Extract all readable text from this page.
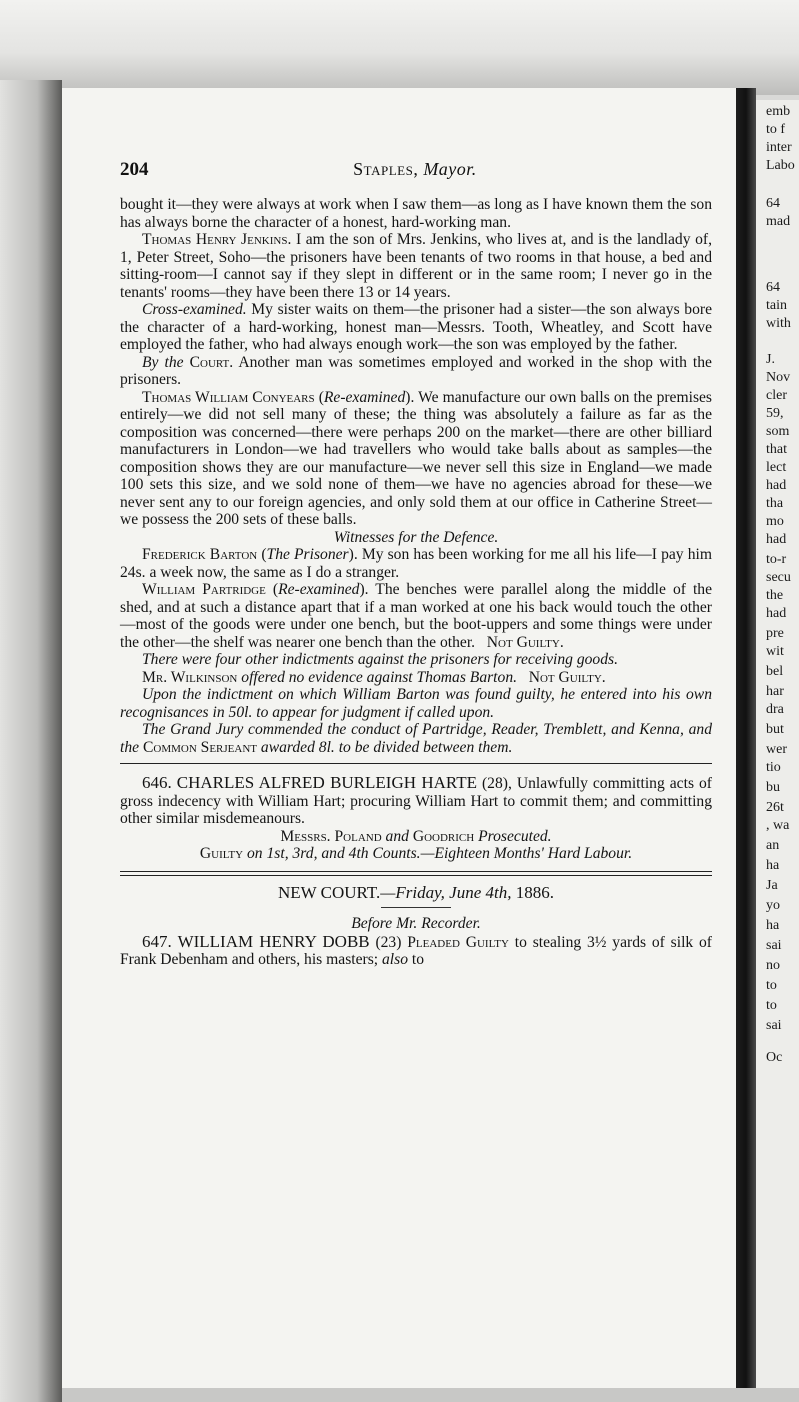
emb
to f
inter
Labo
64
mad
64
tain
with
J.
Nov
cler
59,
som
that
lect
had
tha
mo
had
to-r
secu
the
had
pre
wit
bel
har
dra
but
wer
tio
bu
26t
, wa
an
ha
Ja
yo
ha
sai
no
to
to
sai
Oc
204	Staples, Mayor.

bought it—they were always at work when I saw them—as long as I have known them the son has always borne the character of a honest, hard-working man.

Thomas Henry Jenkins. I am the son of Mrs. Jenkins, who lives at, and is the landlady of, 1, Peter Street, Soho—the prisoners have been tenants of two rooms in that house, a bed and sitting-room—I cannot say if they slept in different or in the same room; I never go in the tenants' rooms—they have been there 13 or 14 years.

Cross-examined. My sister waits on them—the prisoner had a sister—the son always bore the character of a hard-working, honest man—Messrs. Tooth, Wheatley, and Scott have employed the father, who had always enough work—the son was employed by the father.

By the Court. Another man was sometimes employed and worked in the shop with the prisoners.

Thomas William Conyears (Re-examined). We manufacture our own balls on the premises entirely—we did not sell many of these; the thing was absolutely a failure as far as the composition was concerned—there were perhaps 200 on the market—there are other billiard manufacturers in London—we had travellers who would take balls about as samples—the composition shows they are our manufacture—we never sell this size in England—we made 100 sets this size, and we sold none of them—we have no agencies abroad for these—we never sent any to our foreign agencies, and only sold them at our office in Catherine Street—we possess the 200 sets of these balls.

Witnesses for the Defence.

Frederick Barton (The Prisoner). My son has been working for me all his life—I pay him 24s. a week now, the same as I do a stranger.

William Partridge (Re-examined). The benches were parallel along the middle of the shed, and at such a distance apart that if a man worked at one his back would touch the other—most of the goods were under one bench, but the boot-uppers and some things were under the other—the shelf was nearer one bench than the other. Not Guilty.

There were four other indictments against the prisoners for receiving goods.

Mr. Wilkinson offered no evidence against Thomas Barton. Not Guilty.

Upon the indictment on which William Barton was found guilty, he entered into his own recognisances in 50l. to appear for judgment if called upon.

The Grand Jury commended the conduct of Partridge, Reader, Tremblett, and Kenna, and the Common Serjeant awarded 8l. to be divided between them.

646. CHARLES ALFRED BURLEIGH HARTE (28), Unlawfully committing acts of gross indecency with William Hart; procuring William Hart to commit them; and committing other similar misdemeanours.

Messrs. Poland and Goodrich Prosecuted.

Guilty on 1st, 3rd, and 4th Counts.—Eighteen Months' Hard Labour.

NEW COURT.—Friday, June 4th, 1886.

Before Mr. Recorder.

647. WILLIAM HENRY DOBB (23) Pleaded Guilty to stealing 3½ yards of silk of Frank Debenham and others, his masters; also to
